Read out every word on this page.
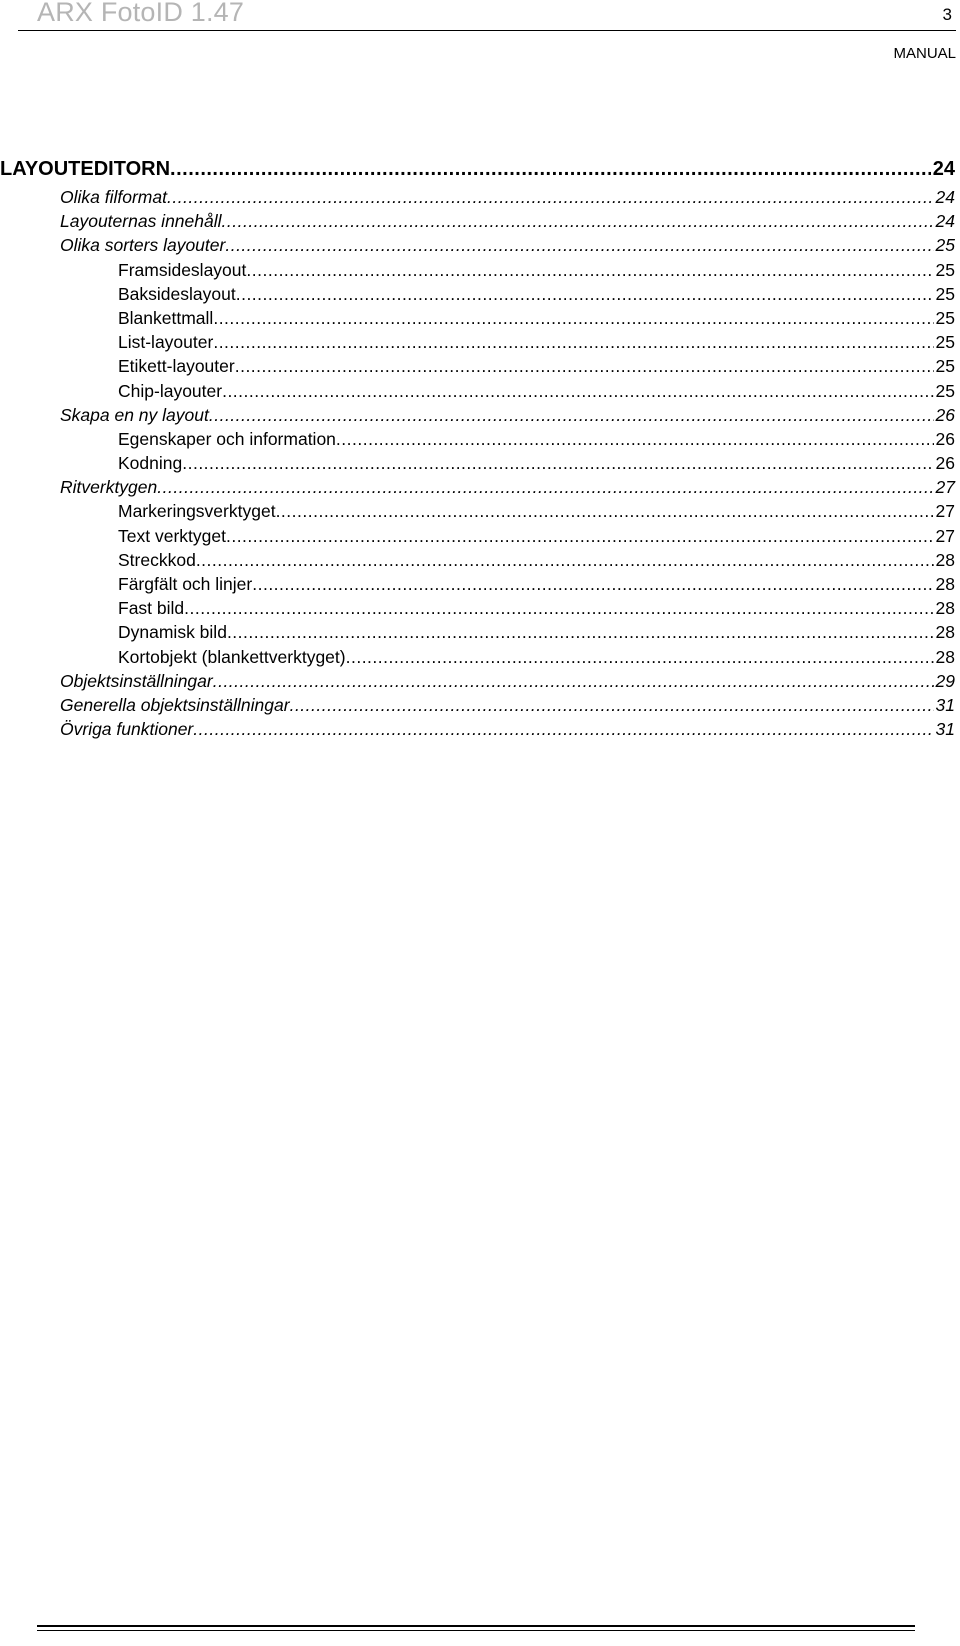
ARX FotoID 1.47	3
MANUAL
LAYOUTEDITORN .....	24
Olika filformat .....	24
Layouternas innehåll .....	24
Olika sorters layouter .....	25
Framsideslayout .....	25
Baksideslayout .....	25
Blankettmall .....	25
List-layouter .....	25
Etikett-layouter .....	25
Chip-layouter .....	25
Skapa en ny layout .....	26
Egenskaper och information .....	26
Kodning .....	26
Ritverktygen .....	27
Markeringsverktyget .....	27
Text verktyget .....	27
Streckkod .....	28
Färgfält och linjer .....	28
Fast bild .....	28
Dynamisk bild .....	28
Kortobjekt (blankettverktyget) .....	28
Objektsinställningar .....	29
Generella objektsinställningar .....	31
Övriga funktioner .....	31
